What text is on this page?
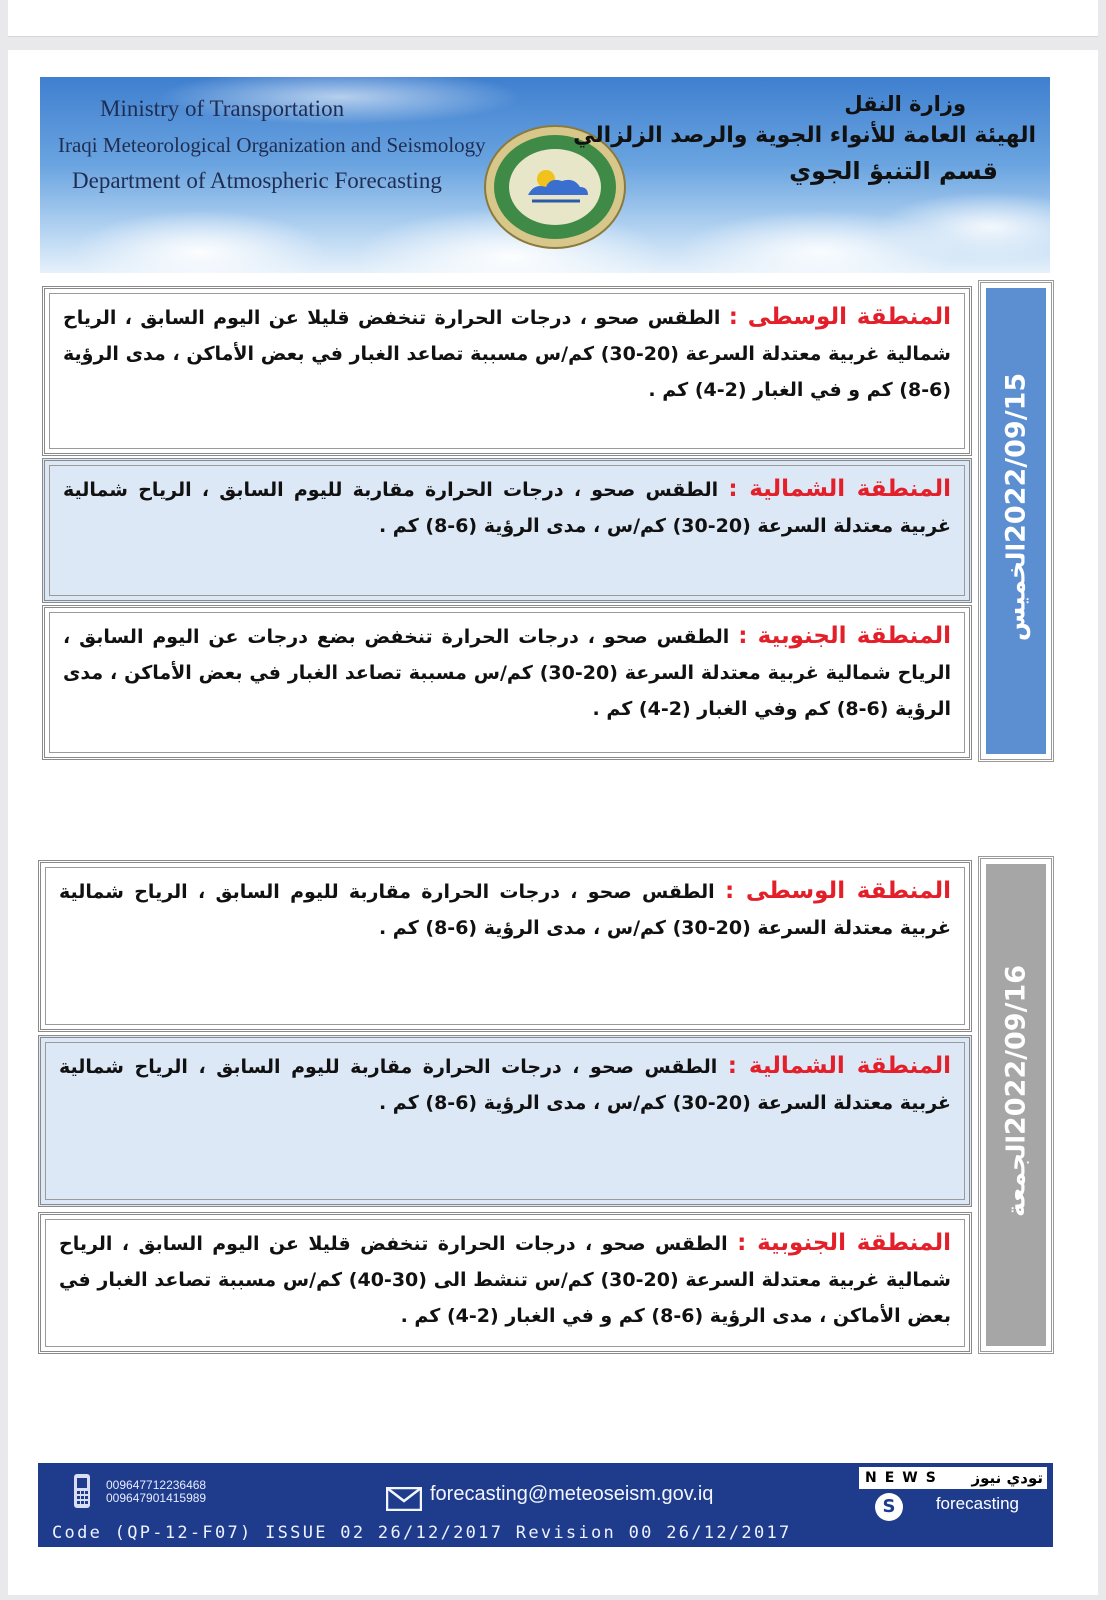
Ministry of Transportation
Iraqi Meteorological Organization and Seismology
Department of Atmospheric Forecasting
وزارة النقل
الهيئة العامة للأنواء الجوية والرصد الزلزالي
قسم التنبؤ الجوي
المنطقة الوسطى : الطقس صحو ، درجات الحرارة تنخفض قليلا عن اليوم السابق ، الرياح شمالية غربية معتدلة السرعة (20-30) كم/س مسببة تصاعد الغبار في بعض الأماكن ، مدى الرؤية (6-8) كم و في الغبار (2-4) كم .
المنطقة الشمالية : الطقس صحو ، درجات الحرارة مقاربة لليوم السابق ، الرياح شمالية غربية معتدلة السرعة (20-30) كم/س ، مدى الرؤية (6-8) كم .
المنطقة الجنوبية : الطقس صحو ، درجات الحرارة تنخفض بضع درجات عن اليوم السابق ، الرياح شمالية غربية معتدلة السرعة (20-30) كم/س مسببة تصاعد الغبار في بعض الأماكن ، مدى الرؤية (6-8) كم وفي الغبار (2-4) كم .
2022/09/15الخميس
المنطقة الوسطى : الطقس صحو ، درجات الحرارة مقاربة لليوم السابق ، الرياح شمالية غربية معتدلة السرعة (20-30) كم/س ، مدى الرؤية (6-8) كم .
المنطقة الشمالية : الطقس صحو ، درجات الحرارة مقاربة لليوم السابق ، الرياح شمالية غربية معتدلة السرعة (20-30) كم/س ، مدى الرؤية (6-8) كم .
المنطقة الجنوبية : الطقس صحو ، درجات الحرارة تنخفض قليلا عن اليوم السابق ، الرياح شمالية غربية معتدلة السرعة (20-30) كم/س تنشط الى (30-40) كم/س مسببة تصاعد الغبار في بعض الأماكن ، مدى الرؤية (6-8) كم و في الغبار (2-4) كم .
2022/09/16الجمعة
009647712236468
009647901415989	forecasting@meteoseism.gov.iq
NEWS تودي نيوز
S	forecasting
Code (QP-12-F07) ISSUE 02 26/12/2017 Revision 00 26/12/2017
